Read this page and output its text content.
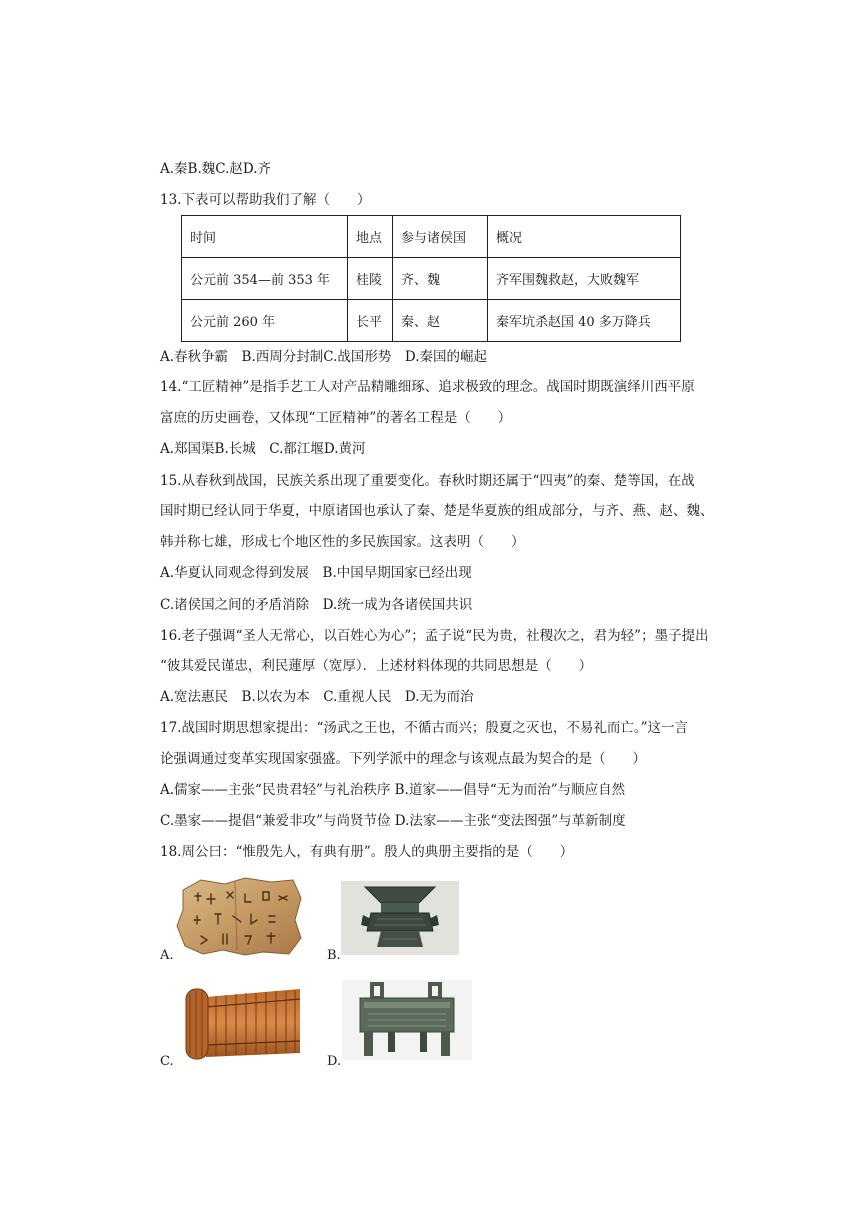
A.秦B.魏C.赵D.齐
13.下表可以帮助我们了解（　　）
时间	地点	参与诸侯国	概况
公元前 354—前 353 年	桂陵	齐、魏	齐军围魏救赵，大败魏军
公元前 260 年	长平	秦、赵	秦军坑杀赵国 40 多万降兵
A.春秋争霸　B.西周分封制C.战国形势　D.秦国的崛起
14.“工匠精神”是指手艺工人对产品精雕细琢、追求极致的理念。战国时期既演绎川西平原
富庶的历史画卷，又体现“工匠精神”的著名工程是（　　）
A.郑国渠B.长城　C.都江堰D.黄河
15.从春秋到战国，民族关系出现了重要变化。春秋时期还属于“四夷”的秦、楚等国，在战
国时期已经认同于华夏，中原诸国也承认了秦、楚是华夏族的组成部分，与齐、燕、赵、魏、
韩并称七雄，形成七个地区性的多民族国家。这表明（　　）
A.华夏认同观念得到发展　B.中国早期国家已经出现
C.诸侯国之间的矛盾消除　D.统一成为各诸侯国共识
16.老子强调“圣人无常心，以百姓心为心”；孟子说“民为贵，社稷次之，君为轻”；墨子提出
“彼其爱民谨忠，利民蓮厚（宽厚）．上述材料体现的共同思想是（　　）
A.宽法惠民　B.以农为本　C.重视人民　D.无为而治
17.战国时期思想家提出：“汤武之王也，不循古而兴；殷夏之灭也，不易礼而亡。”这一言
论强调通过变革实现国家强盛。下列学派中的理念与该观点最为契合的是（　　）
A.儒家——主张“民贵君轻”与礼治秩序 B.道家——倡导“无为而治”与顺应自然
C.墨家——提倡“兼爱非攻”与尚贤节俭 D.法家——主张“变法图强”与革新制度
18.周公曰：“惟殷先人，有典有册”。殷人的典册主要指的是（　　）
A.	B.
C.	D.
